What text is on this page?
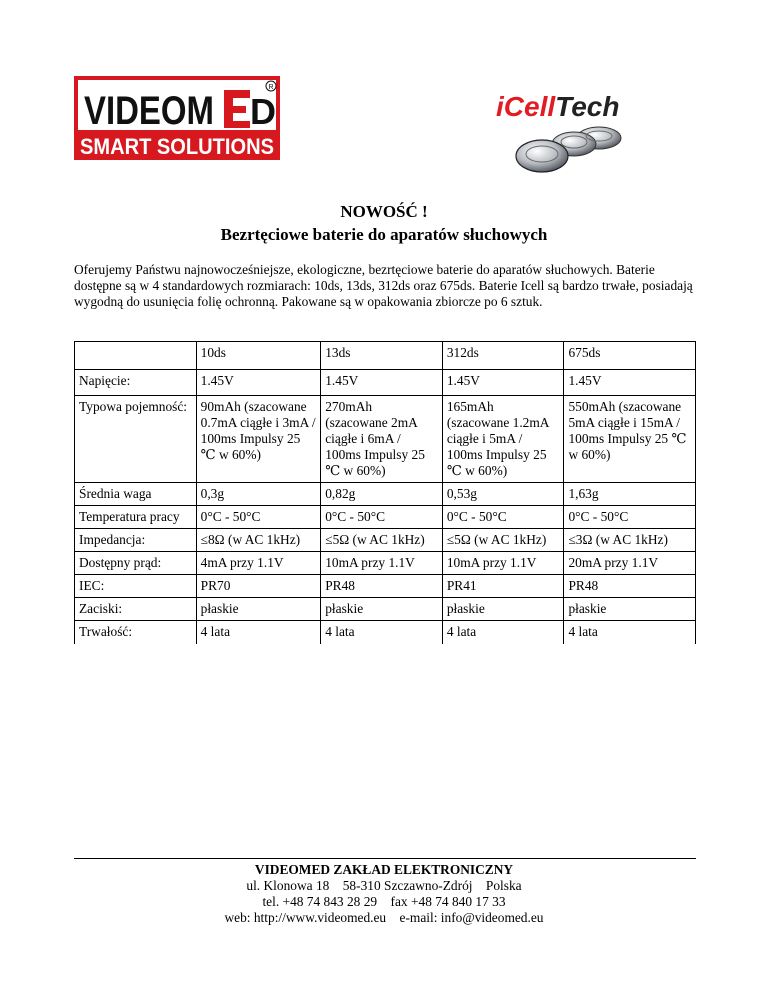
VIDEOM D
R
SMART SOLUTIONS
iCellTech
NOWOŚĆ !
Bezrtęciowe baterie do aparatów słuchowych

Oferujemy Państwu najnowocześniejsze, ekologiczne, bezrtęciowe baterie do aparatów słuchowych. Baterie dostępne są w 4 standardowych rozmiarach: 10ds, 13ds, 312ds oraz 675ds. Baterie Icell są bardzo trwałe, posiadają wygodną do usunięcia folię ochronną. Pakowane są w opakowania zbiorcze po 6 sztuk.

	10ds	13ds	312ds	675ds
Napięcie:	1.45V	1.45V	1.45V	1.45V
Typowa pojemność:	90mAh (szacowane 0.7mA ciągłe i 3mA / 100ms Impulsy 25 ℃ w 60%)	270mAh (szacowane 2mA ciągłe i 6mA / 100ms Impulsy 25 ℃ w 60%)	165mAh (szacowane 1.2mA ciągłe i 5mA / 100ms Impulsy 25 ℃ w 60%)	550mAh (szacowane 5mA ciągłe i 15mA / 100ms Impulsy 25 ℃ w 60%)
Średnia waga	0,3g	0,82g	0,53g	1,63g
Temperatura pracy	0°C - 50°C	0°C - 50°C	0°C - 50°C	0°C - 50°C
Impedancja:	≤8Ω (w AC 1kHz)	≤5Ω (w AC 1kHz)	≤5Ω (w AC 1kHz)	≤3Ω (w AC 1kHz)
Dostępny prąd:	4mA przy 1.1V	10mA przy 1.1V	10mA przy 1.1V	20mA przy 1.1V
IEC:	PR70	PR48	PR41	PR48
Zaciski:	płaskie	płaskie	płaskie	płaskie
Trwałość:	4 lata	4 lata	4 lata	4 lata
VIDEOMED ZAKŁAD ELEKTRONICZNY
ul. Klonowa 18    58-310 Szczawno-Zdrój    Polska
tel. +48 74 843 28 29    fax +48 74 840 17 33
web: http://www.videomed.eu    e-mail: info@videomed.eu
